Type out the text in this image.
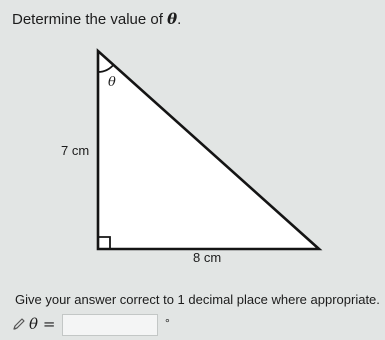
Determine the value of θ.
θ
7 cm
8 cm
Give your answer correct to 1 decimal place where appropriate.
θ =	°
